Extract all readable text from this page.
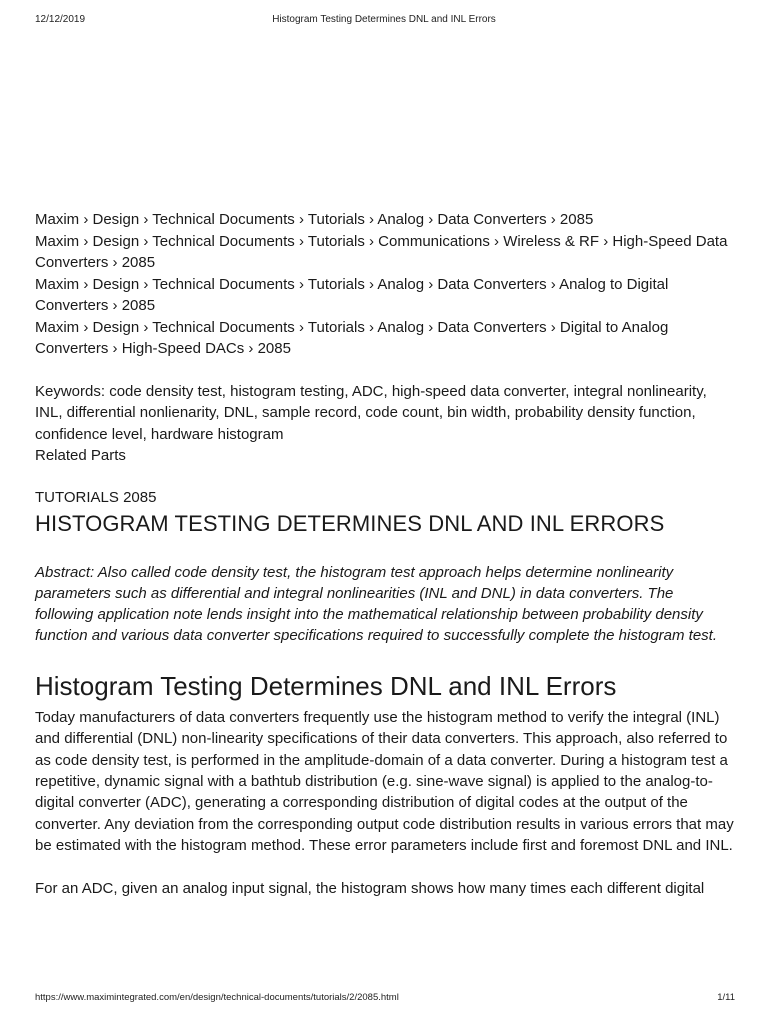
12/12/2019	Histogram Testing Determines DNL and INL Errors

Maxim › Design › Technical Documents › Tutorials › Analog › Data Converters › 2085

Maxim › Design › Technical Documents › Tutorials › Communications › Wireless & RF › High-Speed Data Converters › 2085

Maxim › Design › Technical Documents › Tutorials › Analog › Data Converters › Analog to Digital Converters › 2085

Maxim › Design › Technical Documents › Tutorials › Analog › Data Converters › Digital to Analog Converters › High-Speed DACs › 2085

Keywords: code density test, histogram testing, ADC, high-speed data converter, integral nonlinearity, INL, differential nonlienarity, DNL, sample record, code count, bin width, probability density function, confidence level, hardware histogram

Related Parts

TUTORIALS 2085
HISTOGRAM TESTING DETERMINES DNL AND INL ERRORS

Abstract: Also called code density test, the histogram test approach helps determine nonlinearity parameters such as differential and integral nonlinearities (INL and DNL) in data converters. The following application note lends insight into the mathematical relationship between probability density function and various data converter specifications required to successfully complete the histogram test.

Histogram Testing Determines DNL and INL Errors

Today manufacturers of data converters frequently use the histogram method to verify the integral (INL) and differential (DNL) non-linearity specifications of their data converters. This approach, also referred to as code density test, is performed in the amplitude-domain of a data converter. During a histogram test a repetitive, dynamic signal with a bathtub distribution (e.g. sine-wave signal) is applied to the analog-to-digital converter (ADC), generating a corresponding distribution of digital codes at the output of the converter. Any deviation from the corresponding output code distribution results in various errors that may be estimated with the histogram method. These error parameters include first and foremost DNL and INL.

For an ADC, given an analog input signal, the histogram shows how many times each different digital

https://www.maximintegrated.com/en/design/technical-documents/tutorials/2/2085.html	1/11
